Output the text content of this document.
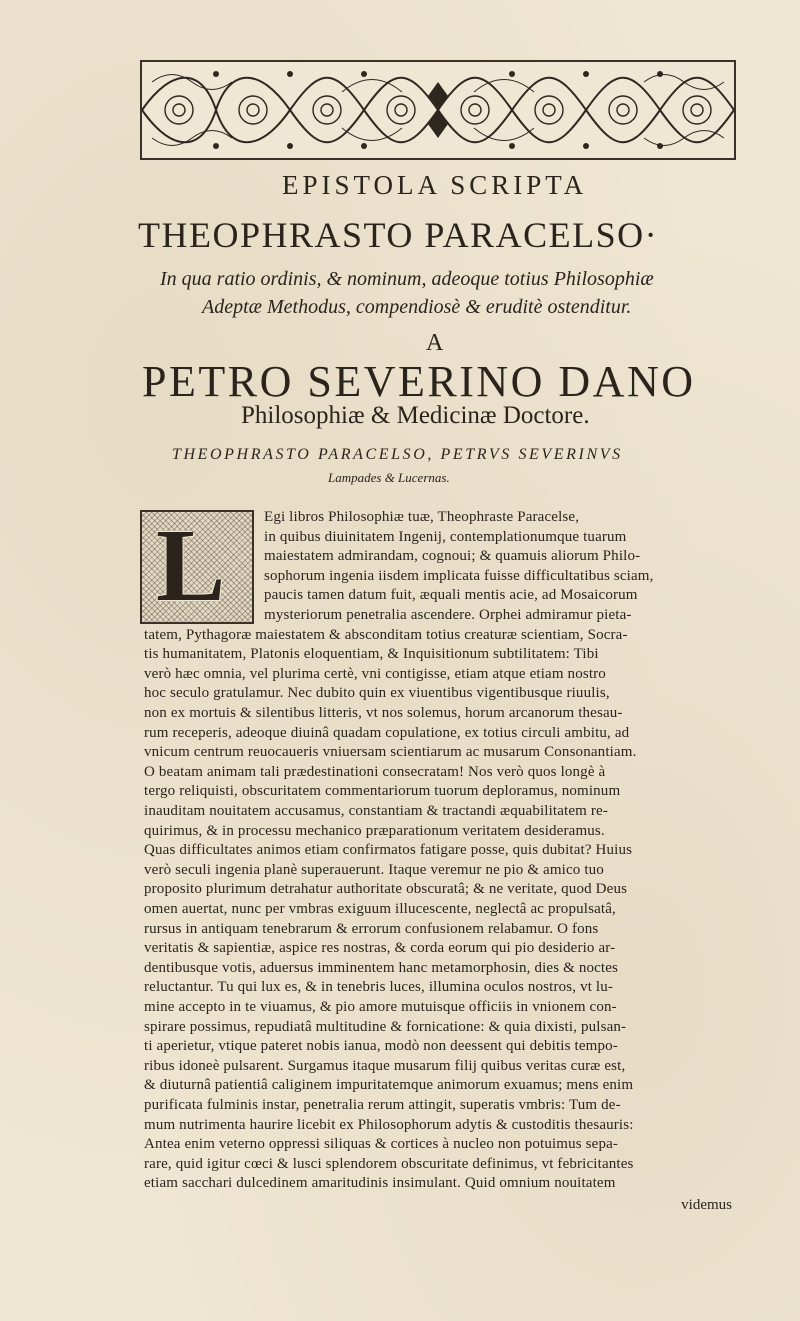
EPISTOLA SCRIPTA
THEOPHRASTO PARACELSO·
In qua ratio ordinis, & nominum, adeoque totius Philosophiæ
Adeptæ Methodus, compendiosè & eruditè ostenditur.
A
PETRO SEVERINO DANO
Philosophiæ & Medicinæ Doctore.
THEOPHRASTO PARACELSO, PETRVS SEVERINVS
Lampades & Lucernas.
L	Egi libros Philosophiæ tuæ, Theophraste Paracelse,
in quibus diuinitatem Ingenij, contemplationumque tuarum
maiestatem admirandam, cognoui; & quamuis aliorum Philo-
sophorum ingenia iisdem implicata fuisse difficultatibus sciam,
paucis tamen datum fuit, æquali mentis acie, ad Mosaicorum
mysteriorum penetralia ascendere. Orphei admiramur pieta-
tatem, Pythagoræ maiestatem & absconditam totius creaturæ scientiam, Socra-
tis humanitatem, Platonis eloquentiam, & Inquisitionum subtilitatem: Tibi
verò hæc omnia, vel plurima certè, vni contigisse, etiam atque etiam nostro
hoc seculo gratulamur. Nec dubito quin ex viuentibus vigentibusque riuulis,
non ex mortuis & silentibus litteris, vt nos solemus, horum arcanorum thesau-
rum receperis, adeoque diuinâ quadam copulatione, ex totius circuli ambitu, ad
vnicum centrum reuocaueris vniuersam scientiarum ac musarum Consonantiam.
O beatam animam tali prædestinationi consecratam! Nos verò quos longè à
tergo reliquisti, obscuritatem commentariorum tuorum deploramus, nominum
inauditam nouitatem accusamus, constantiam & tractandi æquabilitatem re-
quirimus, & in processu mechanico præparationum veritatem desideramus.
Quas difficultates animos etiam confirmatos fatigare posse, quis dubitat? Huius
verò seculi ingenia planè superauerunt. Itaque veremur ne pio & amico tuo
proposito plurimum detrahatur authoritate obscuratâ; & ne veritate, quod Deus
omen auertat, nunc per vmbras exiguum illucescente, neglectâ ac propulsatâ,
rursus in antiquam tenebrarum & errorum confusionem relabamur. O fons
veritatis & sapientiæ, aspice res nostras, & corda eorum qui pio desiderio ar-
dentibusque votis, aduersus imminentem hanc metamorphosin, dies & noctes
reluctantur. Tu qui lux es, & in tenebris luces, illumina oculos nostros, vt lu-
mine accepto in te viuamus, & pio amore mutuisque officiis in vnionem con-
spirare possimus, repudiatâ multitudine & fornicatione: & quia dixisti, pulsan-
ti aperietur, vtique pateret nobis ianua, modò non deessent qui debitis tempo-
ribus idoneè pulsarent. Surgamus itaque musarum filij quibus veritas curæ est,
& diuturnâ patientiâ caliginem impuritatemque animorum exuamus; mens enim
purificata fulminis instar, penetralia rerum attingit, superatis vmbris: Tum de-
mum nutrimenta haurire licebit ex Philosophorum adytis & custoditis thesauris:
Antea enim veterno oppressi siliquas & cortices à nucleo non potuimus sepa-
rare, quid igitur cœci & lusci splendorem obscuritate definimus, vt febricitantes
etiam sacchari dulcedinem amaritudinis insimulant. Quid omnium nouitatem
videmus
